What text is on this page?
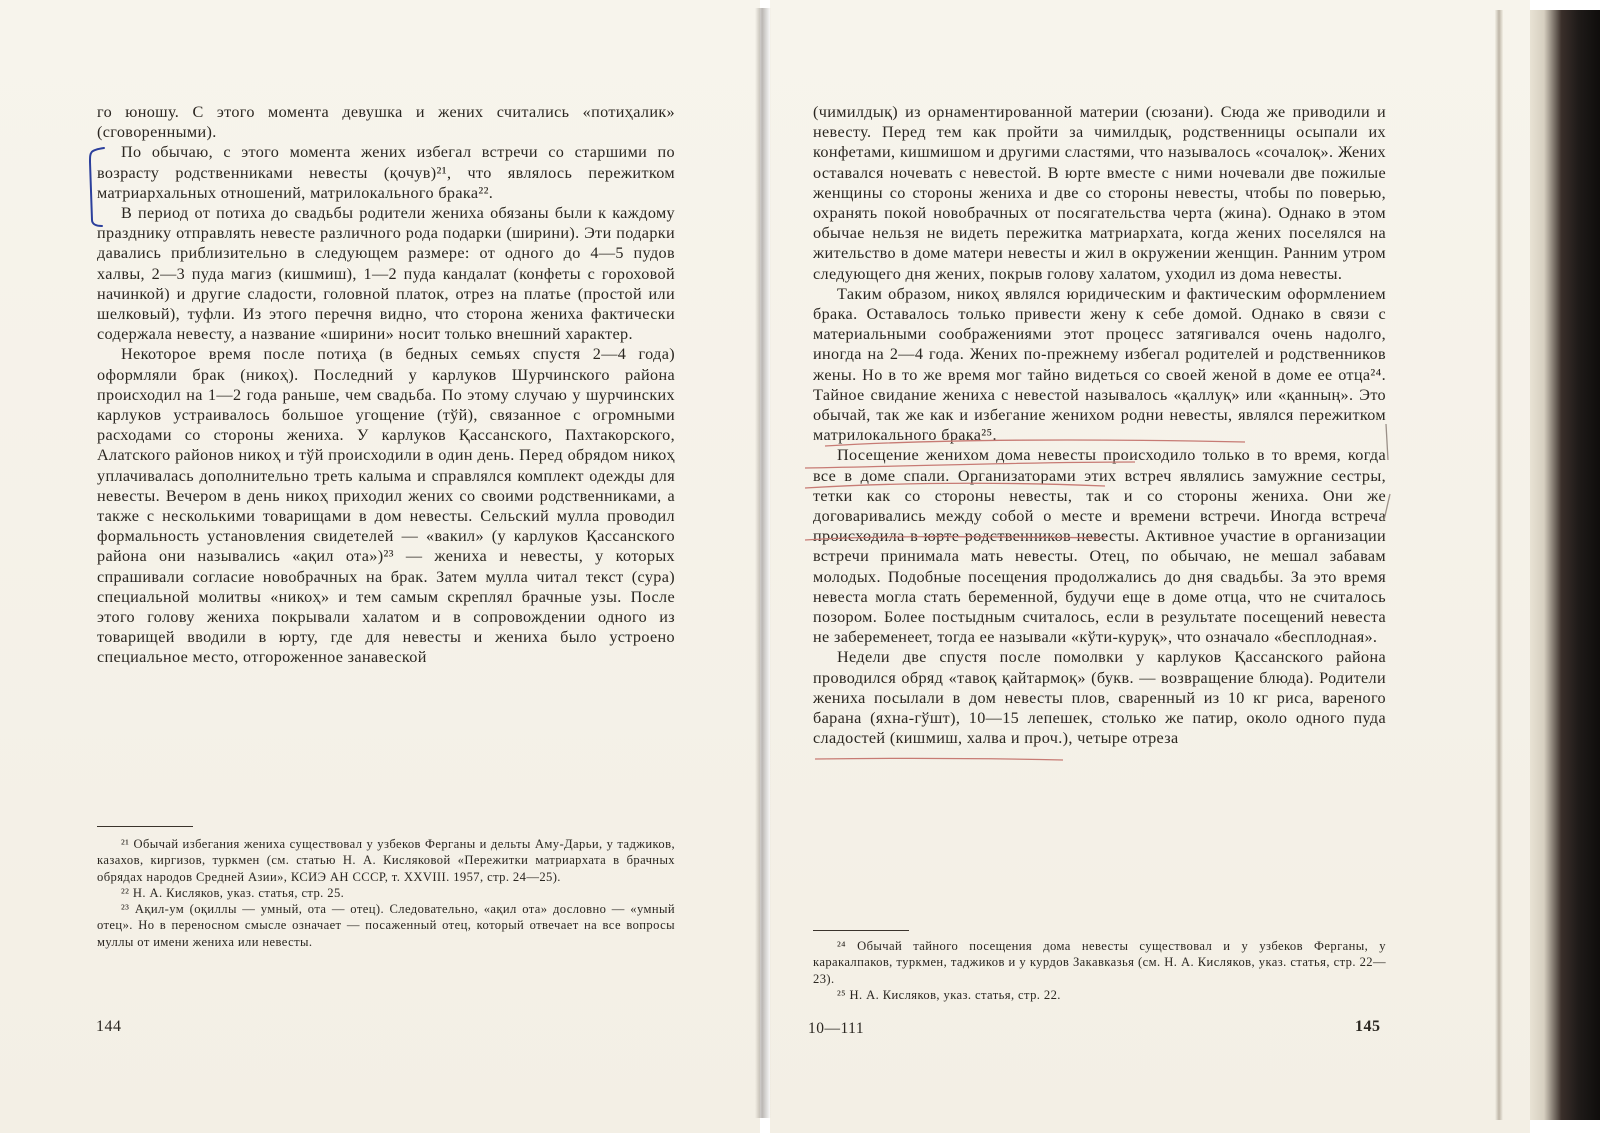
го юношу. С этого момента девушка и жених считались «потиҳалик» (сговоренными).

По обычаю, с этого момента жених избегал встречи со старшими по возрасту родственниками невесты (қочув)²¹, что являлось пережитком матриархальных отношений, матрилокального брака²².

В период от потиха до свадьбы родители жениха обязаны были к каждому празднику отправлять невесте различного рода подарки (ширини). Эти подарки давались приблизительно в следующем размере: от одного до 4—5 пудов халвы, 2—3 пуда магиз (кишмиш), 1—2 пуда кандалат (конфеты с гороховой начинкой) и другие сладости, головной платок, отрез на платье (простой или шелковый), туфли. Из этого перечня видно, что сторона жениха фактически содержала невесту, а название «ширини» носит только внешний характер.

Некоторое время после потиҳа (в бедных семьях спустя 2—4 года) оформляли брак (никоҳ). Последний у карлуков Шурчинского района происходил на 1—2 года раньше, чем свадьба. По этому случаю у шурчинских карлуков устраивалось большое угощение (тўй), связанное с огромными расходами со стороны жениха. У карлуков Қассанского, Пахтакорского, Алатского районов никоҳ и тўй происходили в один день. Перед обрядом никоҳ уплачивалась дополнительно треть калыма и справлялся комплект одежды для невесты. Вечером в день никоҳ приходил жених со своими родственниками, а также с несколькими товарищами в дом невесты. Сельский мулла проводил формальность установления свидетелей — «вакил» (у карлуков Қассанского района они назывались «ақил ота»)²³ — жениха и невесты, у которых спрашивали согласие новобрачных на брак. Затем мулла читал текст (сура) специальной молитвы «никоҳ» и тем самым скреплял брачные узы. После этого голову жениха покрывали халатом и в сопровождении одного из товарищей вводили в юрту, где для невесты и жениха было устроено специальное место, отгороженное занавеской

²¹ Обычай избегания жениха существовал у узбеков Ферганы и дельты Аму-Дарьи, у таджиков, казахов, киргизов, туркмен (см. статью Н. А. Кисляковой «Пережитки матриархата в брачных обрядах народов Средней Азии», КСИЭ АН СССР, т. XXVIII. 1957, стр. 24—25).

²² Н. А. Кисляков, указ. статья, стр. 25.

²³ Ақил-ум (оқиллы — умный, ота — отец). Следовательно, «ақил ота» дословно — «умный отец». Но в переносном смысле означает — посаженный отец, который отвечает на все вопросы муллы от имени жениха или невесты.

144

(чимилдық) из орнаментированной материи (сюзани). Сюда же приводили и невесту. Перед тем как пройти за чимилдық, родственницы осыпали их конфетами, кишмишом и другими сластями, что называлось «сочалоқ». Жених оставался ночевать с невестой. В юрте вместе с ними ночевали две пожилые женщины со стороны жениха и две со стороны невесты, чтобы по поверью, охранять покой новобрачных от посягательства черта (жина). Однако в этом обычае нельзя не видеть пережитка матриархата, когда жених поселялся на жительство в доме матери невесты и жил в окружении женщин. Ранним утром следующего дня жених, покрыв голову халатом, уходил из дома невесты.

Таким образом, никоҳ являлся юридическим и фактическим оформлением брака. Оставалось только привести жену к себе домой. Однако в связи с материальными соображениями этот процесс затягивался очень надолго, иногда на 2—4 года. Жених по-прежнему избегал родителей и родственников жены. Но в то же время мог тайно видеться со своей женой в доме ее отца²⁴. Тайное свидание жениха с невестой называлось «қаллуқ» или «қанның». Это обычай, так же как и избегание женихом родни невесты, являлся пережитком матрилокального брака²⁵.

Посещение женихом дома невесты происходило только в то время, когда все в доме спали. Организаторами этих встреч являлись замужние сестры, тетки как со стороны невесты, так и со стороны жениха. Они же договаривались между собой о месте и времени встречи. Иногда встреча происходила в юрте родственников невесты. Активное участие в организации встречи принимала мать невесты. Отец, по обычаю, не мешал забавам молодых. Подобные посещения продолжались до дня свадьбы. За это время невеста могла стать беременной, будучи еще в доме отца, что не считалось позором. Более постыдным считалось, если в результате посещений невеста не забеременеет, тогда ее называли «кўти-куруқ», что означало «бесплодная».

Недели две спустя после помолвки у карлуков Қассанского района проводился обряд «тавоқ қайтармоқ» (букв. — возвращение блюда). Родители жениха посылали в дом невесты плов, сваренный из 10 кг риса, вареного барана (яхна-гўшт), 10—15 лепешек, столько же патир, около одного пуда сладостей (кишмиш, халва и проч.), четыре отреза

²⁴ Обычай тайного посещения дома невесты существовал и у узбеков Ферганы, у каракалпаков, туркмен, таджиков и у курдов Закавказья (см. Н. А. Кисляков, указ. статья, стр. 22—23).

²⁵ Н. А. Кисляков, указ. статья, стр. 22.

10—111	145
